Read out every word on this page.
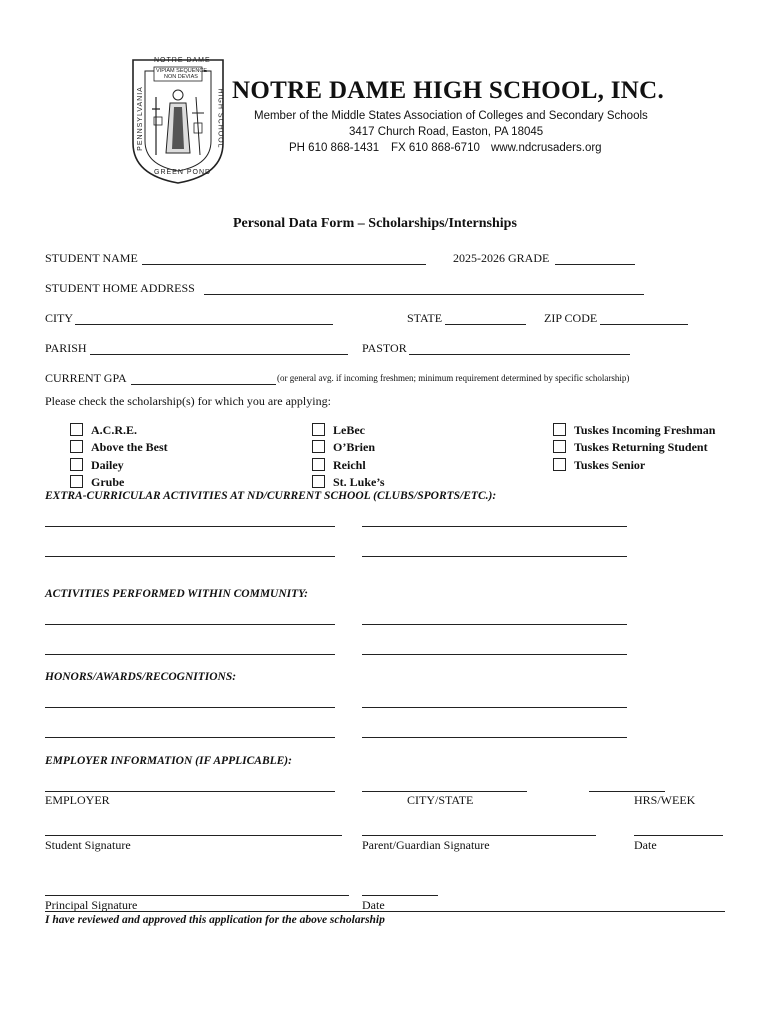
NOTRE DAME
VIPIAM SEQUENCE
NON DEVIAS
PENNSYLVANIA	HIGH SCHOOL
GREEN POND
NOTRE DAME HIGH SCHOOL, INC.
Member of the Middle States Association of Colleges and Secondary Schools
3417 Church Road, Easton, PA 18045
PH 610 868-1431 FX 610 868-6710 www.ndcrusaders.org
Personal Data Form – Scholarships/Internships
STUDENT NAME	2025-2026 GRADE
STUDENT HOME ADDRESS
CITY	STATE	ZIP CODE
PARISH	PASTOR
CURRENT GPA	(or general avg. if incoming freshmen; minimum requirement determined by specific scholarship)
Please check the scholarship(s) for which you are applying:
A.C.R.E.
Above the Best
Dailey
Grube
LeBec
O’Brien
Reichl
St. Luke’s
Tuskes Incoming Freshman
Tuskes Returning Student
Tuskes Senior
EXTRA-CURRICULAR ACTIVITIES AT ND/CURRENT SCHOOL (CLUBS/SPORTS/ETC.):
ACTIVITIES PERFORMED WITHIN COMMUNITY:
HONORS/AWARDS/RECOGNITIONS:
EMPLOYER INFORMATION (IF APPLICABLE):
EMPLOYER	CITY/STATE	HRS/WEEK
Student Signature	Parent/Guardian Signature	Date
Principal Signature	Date
I have reviewed and approved this application for the above scholarship
